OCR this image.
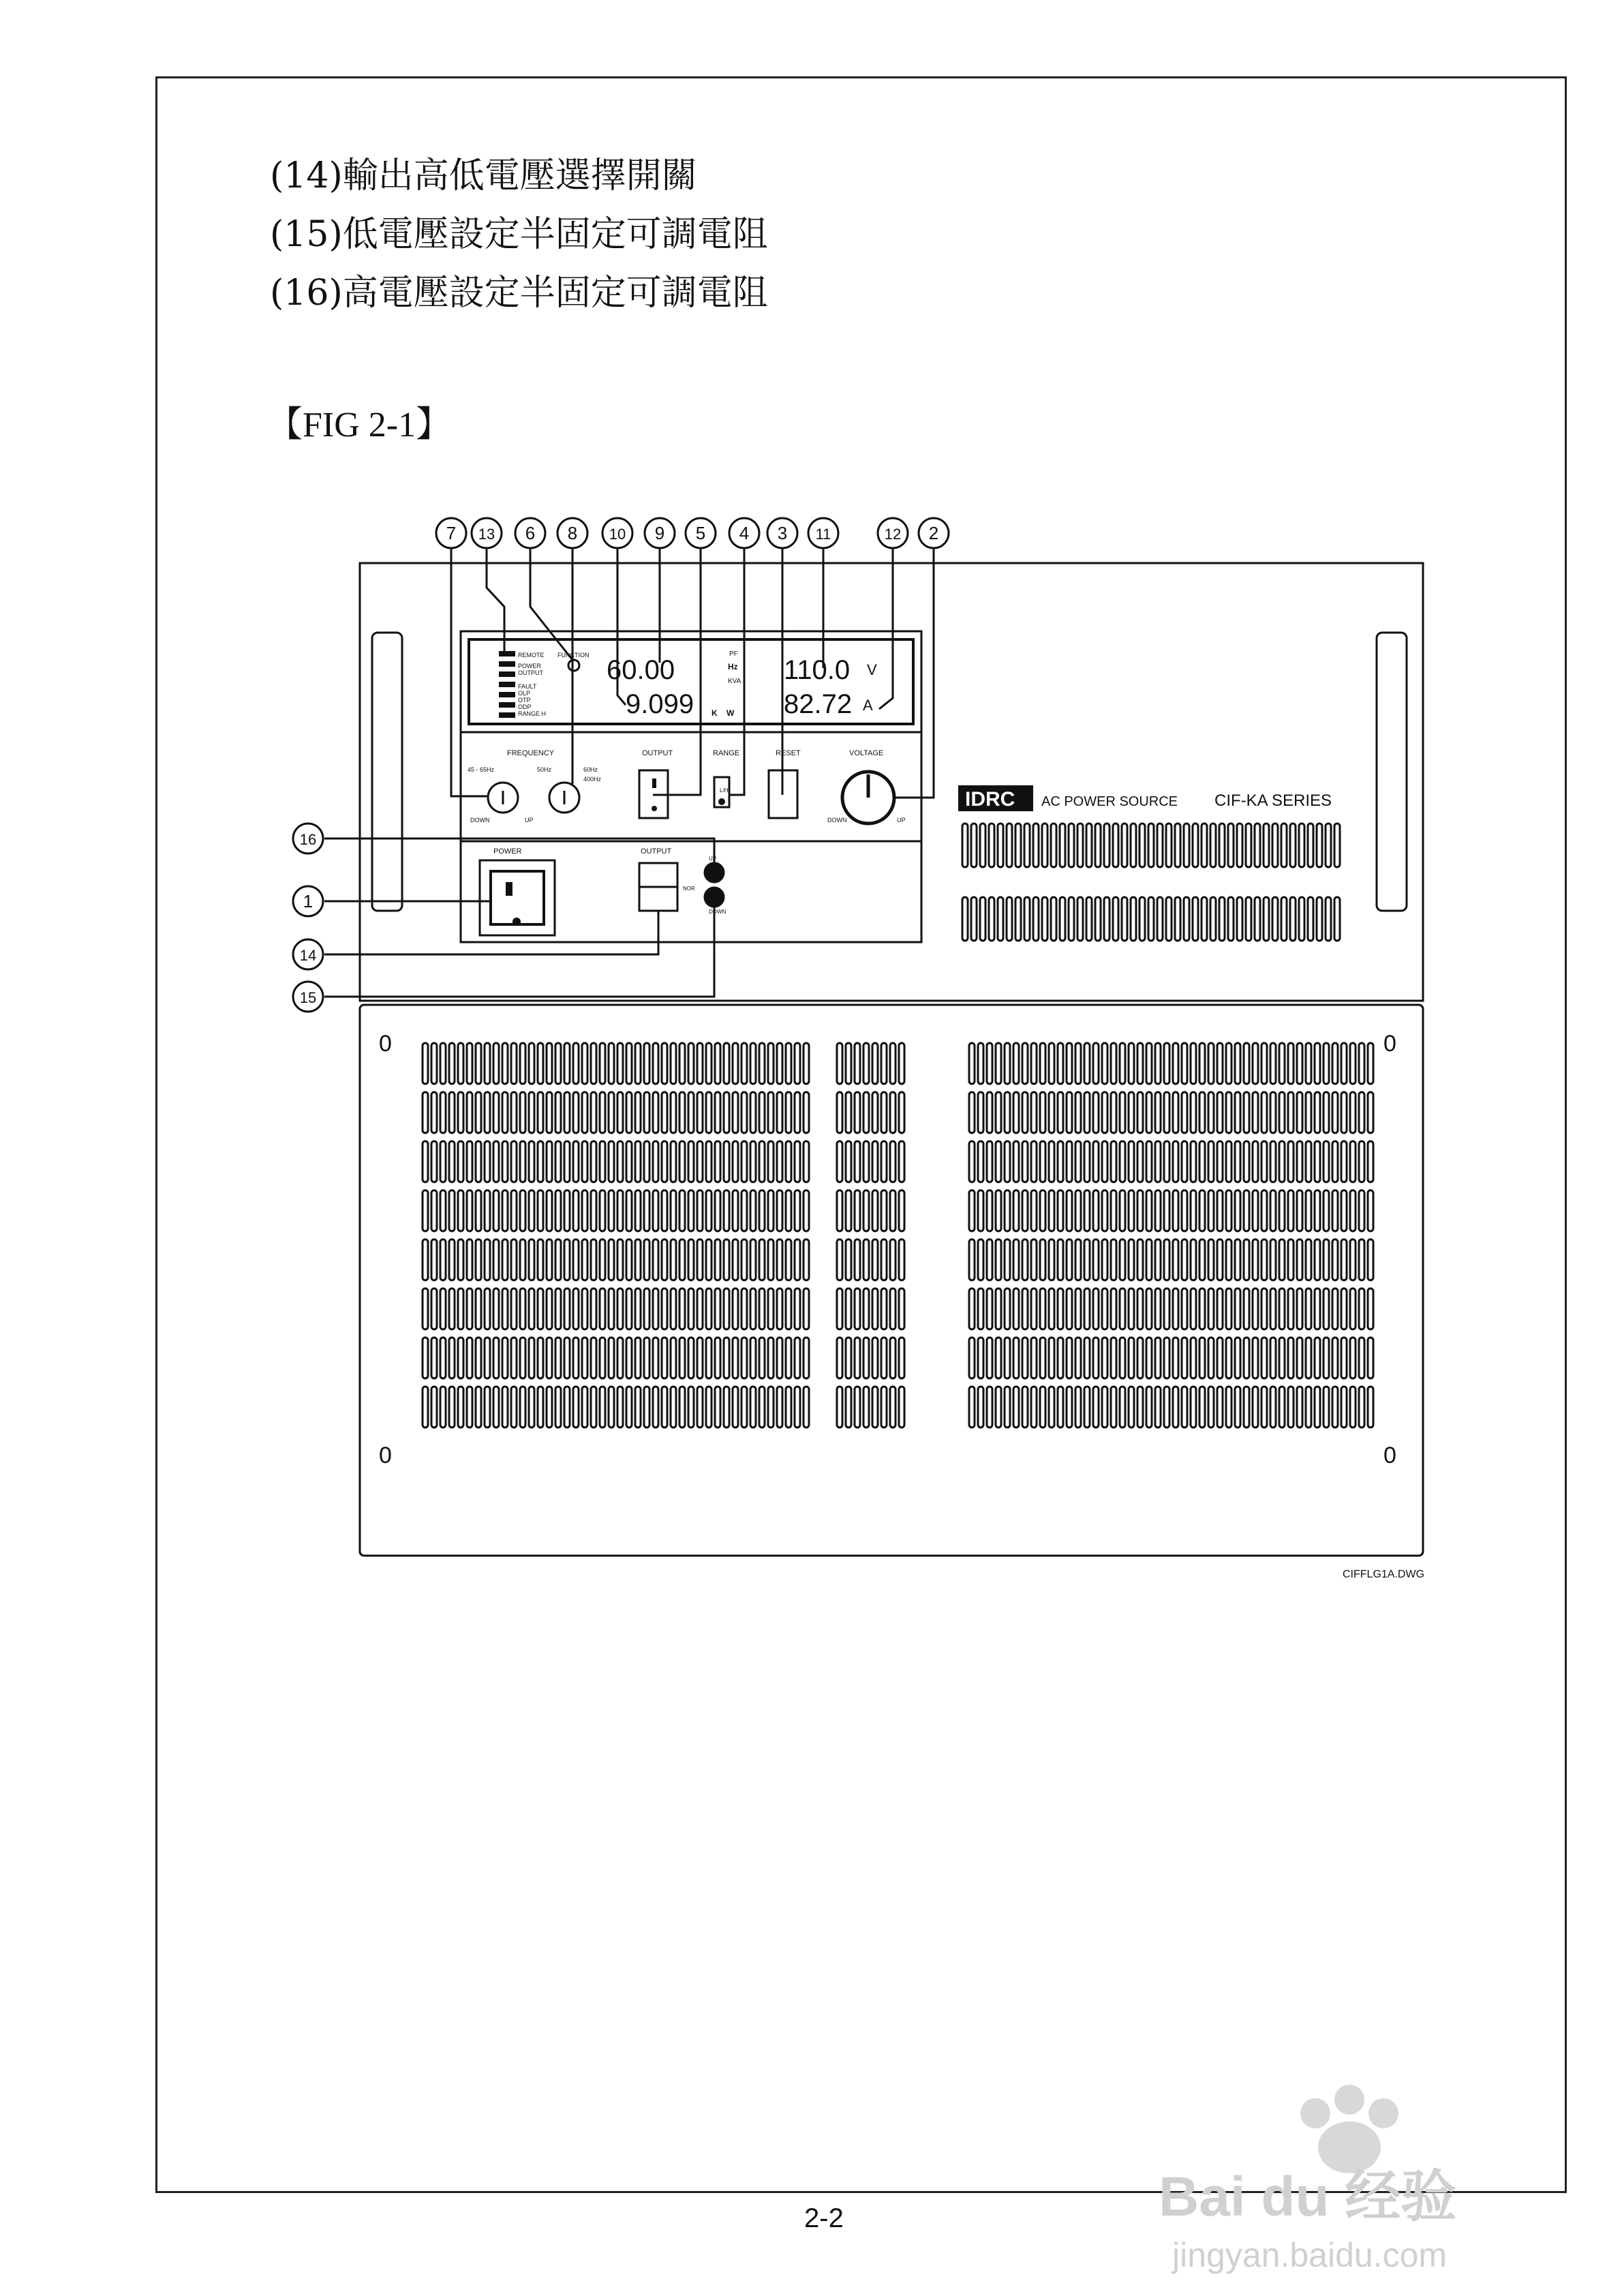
(14)輸出高低電壓選擇開關
(15)低電壓設定半固定可調電阻
(16)高電壓設定半固定可調電阻
【FIG 2-1】
REMOTE
POWER
OUTPUT
FAULT
OLP
OTP
ODP
RANGE H
FUNCTION 60.00
9.099
110.0
82.72
PF
Hz
KVA
K W
V
A
FREQUENCY
45 - 65Hz	50Hz	60Hz
400Hz
DOWN	UP
OUTPUT	RANGE
L/H
RESET	VOLTAGE
DOWN	UP
POWER	OUTPUT
NOR
UP
DOWN
IDRC AC POWER SOURCE CIF-KA SERIES
0	0
0	0
CIFFLG1A.DWG
7 13 6 8 10 9 5 4 3 11	12 2
16
1
14
15
Bai du 经验
jingyan.baidu.com
2-2
